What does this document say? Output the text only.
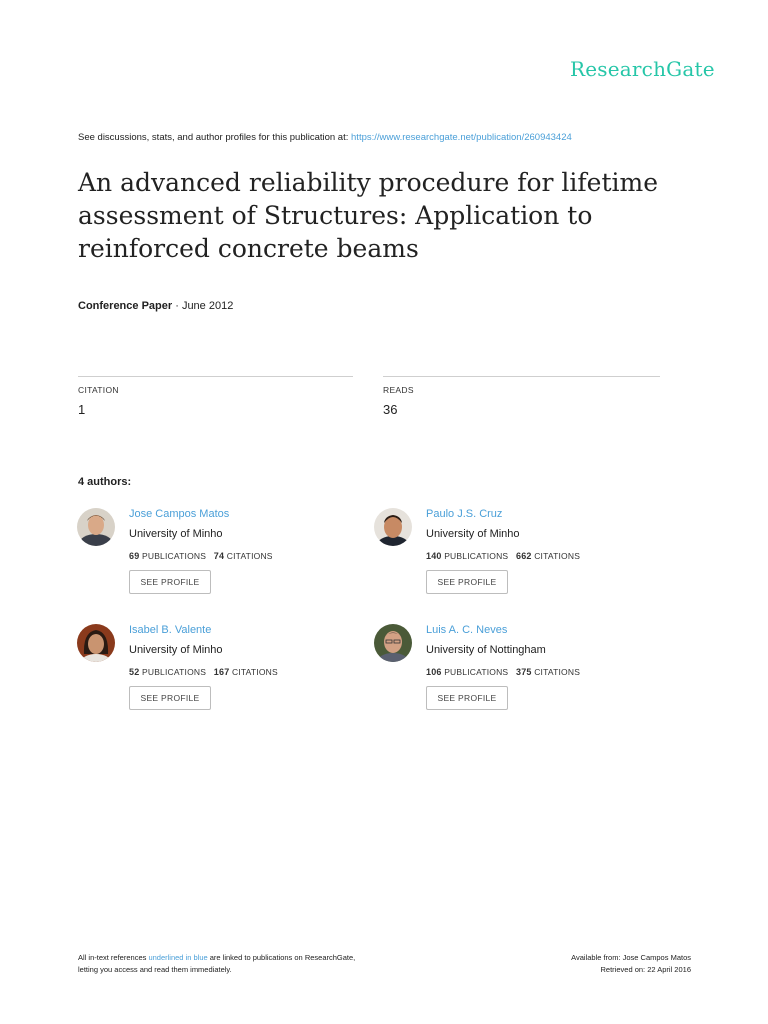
ResearchGate
See discussions, stats, and author profiles for this publication at: https://www.researchgate.net/publication/260943424
An advanced reliability procedure for lifetime assessment of Structures: Application to reinforced concrete beams
Conference Paper · June 2012
CITATION
1
READS
36
4 authors:
Jose Campos Matos
University of Minho
69 PUBLICATIONS 74 CITATIONS
SEE PROFILE
Paulo J.S. Cruz
University of Minho
140 PUBLICATIONS 662 CITATIONS
SEE PROFILE
Isabel B. Valente
University of Minho
52 PUBLICATIONS 167 CITATIONS
SEE PROFILE
Luis A. C. Neves
University of Nottingham
106 PUBLICATIONS 375 CITATIONS
SEE PROFILE
All in-text references underlined in blue are linked to publications on ResearchGate,
letting you access and read them immediately.
Available from: Jose Campos Matos
Retrieved on: 22 April 2016
